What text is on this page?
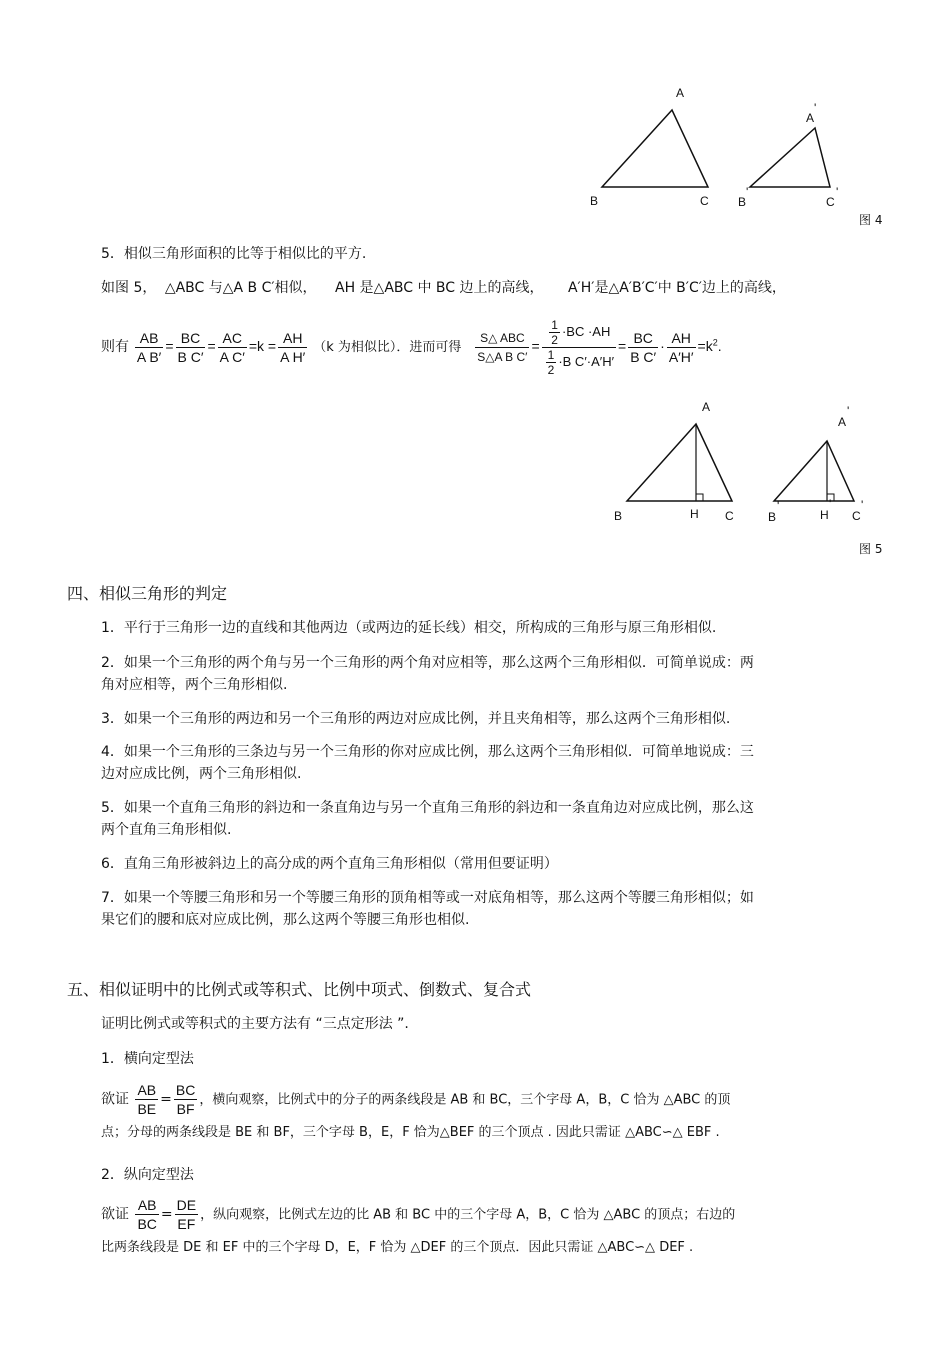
A
B	C
A
'
B
'
C
'
图 4
5．相似三角形面积的比等于相似比的平方.
如图 5， △ABC 与△A B C′相似， AH 是△ABC 中 BC 边上的高线， A′H′是△A′B′C′中 B′C′边上的高线，
则有 $\frac{AB}{\text{A B′}} = \frac{BC}{\text{B C′}} = \frac{AC}{\text{A C′}} =k = \frac{AH}{\text{A H′}} (k$ 为相似比）．进而可得 $\frac{\text{S△ ABC}}{\text{S△A B C′}} = \frac{\frac{1}{2} \cdot BC \cdot AH}{\frac{1}{2} \cdot B C'\cdot A'H'} = \frac{BC}{\text{B C′}} \cdot \frac{AH}{A'H'} =k^2$.
A
B	H C
A
'
B
'
H
'
C
'
图 5
四、相似三角形的判定
1．平行于三角形一边的直线和其他两边（或两边的延长线）相交，所构成的三角形与原三角形相似.
2．如果一个三角形的两个角与另一个三角形的两个角对应相等，那么这两个三角形相似．可简单说成：两
角对应相等，两个三角形相似.
3．如果一个三角形的两边和另一个三角形的两边对应成比例，并且夹角相等，那么这两个三角形相似.
4．如果一个三角形的三条边与另一个三角形的你对应成比例，那么这两个三角形相似．可简单地说成：三
边对应成比例，两个三角形相似.
5．如果一个直角三角形的斜边和一条直角边与另一个直角三角形的斜边和一条直角边对应成比例，那么这
两个直角三角形相似.
6．直角三角形被斜边上的高分成的两个直角三角形相似（常用但要证明）
7．如果一个等腰三角形和另一个等腰三角形的顶角相等或一对底角相等，那么这两个等腰三角形相似；如
果它们的腰和底对应成比例，那么这两个等腰三角形也相似.
五、相似证明中的比例式或等积式、比例中项式、倒数式、复合式
证明比例式或等积式的主要方法有 “三点定形法 ”.
1．横向定型法
欲证 $\frac{AB}{BE} = \frac{BC}{BF}$ ，横向观察，比例式中的分子的两条线段是 AB 和 BC，三个字母 A，B，C 恰为 △ABC 的顶
点；分母的两条线段是 BE 和 BF，三个字母 B，E，F 恰为△BEF 的三个顶点 . 因此只需证 △ABC∽△ EBF .
2．纵向定型法
欲证 $\frac{AB}{BC} = \frac{DE}{EF}$ ，纵向观察，比例式左边的比 AB 和 BC 中的三个字母 A，B，C 恰为 △ABC 的顶点；右边的
比两条线段是 DE 和 EF 中的三个字母 D，E，F 恰为 △DEF 的三个顶点．因此只需证 △ABC∽△ DEF .
